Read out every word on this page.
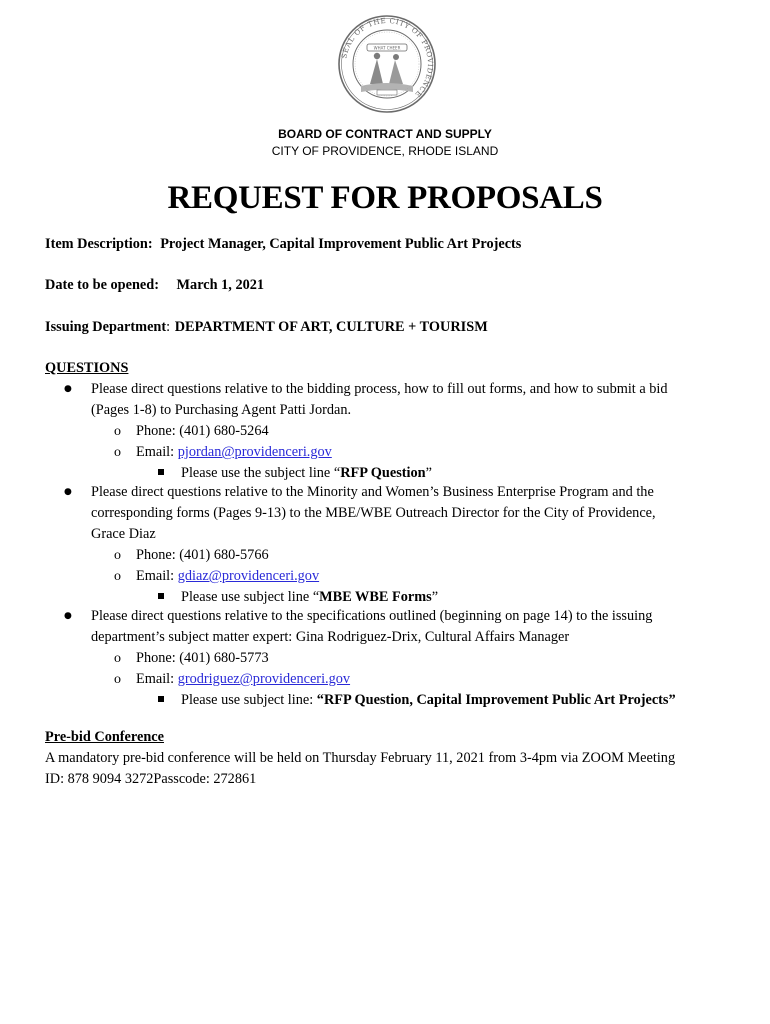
SEAL OF THE CITY OF PROVIDENCE
WHAT CHEER
BOARD OF CONTRACT AND SUPPLY
CITY OF PROVIDENCE, RHODE ISLAND
REQUEST FOR PROPOSALS
Item Description: Project Manager, Capital Improvement Public Art Projects
Date to be opened: March 1, 2021
Issuing Department: DEPARTMENT OF ART, CULTURE + TOURISM
QUESTIONS
● Please direct questions relative to the bidding process, how to fill out forms, and how to submit a bid
(Pages 1-8) to Purchasing Agent Patti Jordan.
o Phone: (401) 680-5264
o Email: pjordan@providenceri.gov
Please use the subject line “RFP Question”
● Please direct questions relative to the Minority and Women’s Business Enterprise Program and the
corresponding forms (Pages 9-13) to the MBE/WBE Outreach Director for the City of Providence,
Grace Diaz
o Phone: (401) 680-5766
o Email: gdiaz@providenceri.gov
Please use subject line “MBE WBE Forms”
● Please direct questions relative to the specifications outlined (beginning on page 14) to the issuing
department’s subject matter expert: Gina Rodriguez-Drix, Cultural Affairs Manager
o Phone: (401) 680-5773
o Email: grodriguez@providenceri.gov
Please use subject line: “RFP Question, Capital Improvement Public Art Projects”
Pre-bid Conference
A mandatory pre-bid conference will be held on Thursday February 11, 2021 from 3-4pm via ZOOM Meeting
ID: 878 9094 3272Passcode: 272861
